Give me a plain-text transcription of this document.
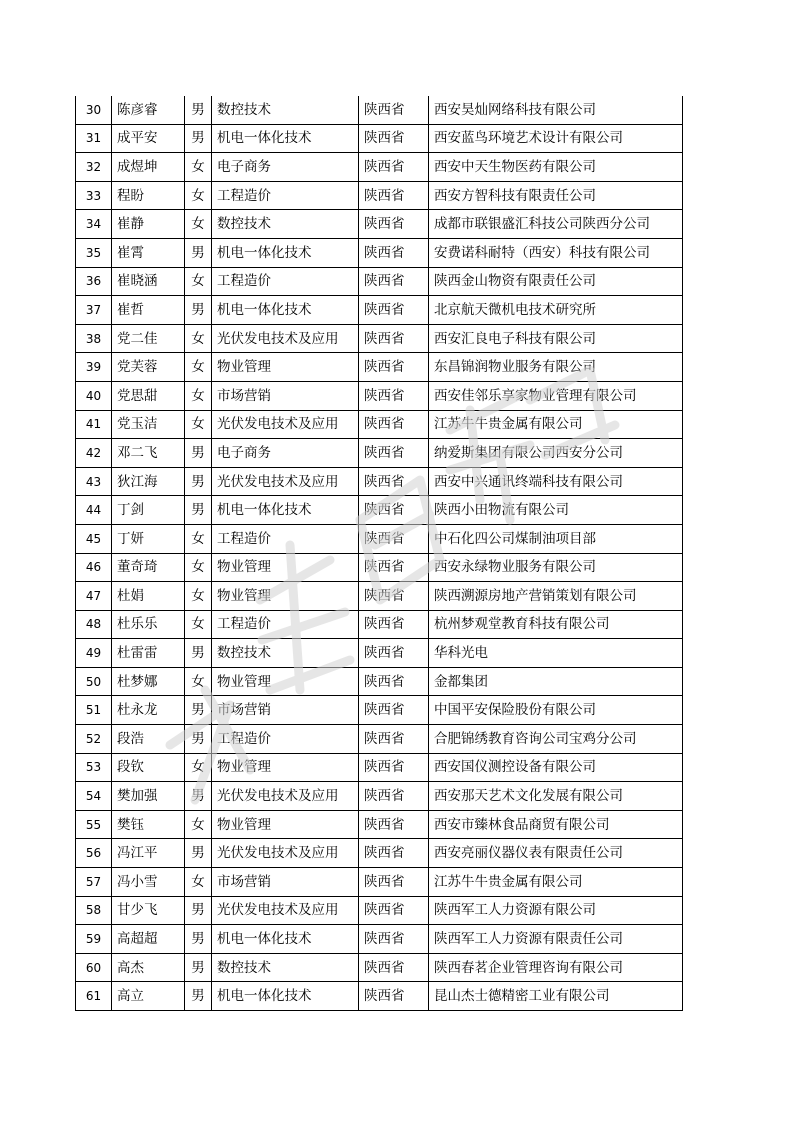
30	陈彦睿	男	数控技术	陕西省	西安昊灿网络科技有限公司
31	成平安	男	机电一体化技术	陕西省	西安蓝鸟环境艺术设计有限公司
32	成煜坤	女	电子商务	陕西省	西安中天生物医药有限公司
33	程盼	女	工程造价	陕西省	西安方智科技有限责任公司
34	崔静	女	数控技术	陕西省	成都市联银盛汇科技公司陕西分公司
35	崔霄	男	机电一体化技术	陕西省	安费诺科耐特（西安）科技有限公司
36	崔晓涵	女	工程造价	陕西省	陕西金山物资有限责任公司
37	崔哲	男	机电一体化技术	陕西省	北京航天微机电技术研究所
38	党二佳	女	光伏发电技术及应用	陕西省	西安汇良电子科技有限公司
39	党芙蓉	女	物业管理	陕西省	东昌锦润物业服务有限公司
40	党思甜	女	市场营销	陕西省	西安佳邻乐享家物业管理有限公司
41	党玉洁	女	光伏发电技术及应用	陕西省	江苏牛牛贵金属有限公司
42	邓二飞	男	电子商务	陕西省	纳爱斯集团有限公司西安分公司
43	狄江海	男	光伏发电技术及应用	陕西省	西安中兴通讯终端科技有限公司
44	丁剑	男	机电一体化技术	陕西省	陕西小田物流有限公司
45	丁妍	女	工程造价	陕西省	中石化四公司煤制油项目部
46	董奇琦	女	物业管理	陕西省	西安永绿物业服务有限公司
47	杜娟	女	物业管理	陕西省	陕西溯源房地产营销策划有限公司
48	杜乐乐	女	工程造价	陕西省	杭州梦观堂教育科技有限公司
49	杜雷雷	男	数控技术	陕西省	华科光电
50	杜梦娜	女	物业管理	陕西省	金都集团
51	杜永龙	男	市场营销	陕西省	中国平安保险股份有限公司
52	段浩	男	工程造价	陕西省	合肥锦绣教育咨询公司宝鸡分公司
53	段钦	女	物业管理	陕西省	西安国仪测控设备有限公司
54	樊加强	男	光伏发电技术及应用	陕西省	西安那天艺术文化发展有限公司
55	樊钰	女	物业管理	陕西省	西安市臻林食品商贸有限公司
56	冯江平	男	光伏发电技术及应用	陕西省	西安亮丽仪器仪表有限责任公司
57	冯小雪	女	市场营销	陕西省	江苏牛牛贵金属有限公司
58	甘少飞	男	光伏发电技术及应用	陕西省	陕西军工人力资源有限公司
59	高超超	男	机电一体化技术	陕西省	陕西军工人力资源有限责任公司
60	高杰	男	数控技术	陕西省	陕西春茗企业管理咨询有限公司
61	高立	男	机电一体化技术	陕西省	昆山杰士德精密工业有限公司
